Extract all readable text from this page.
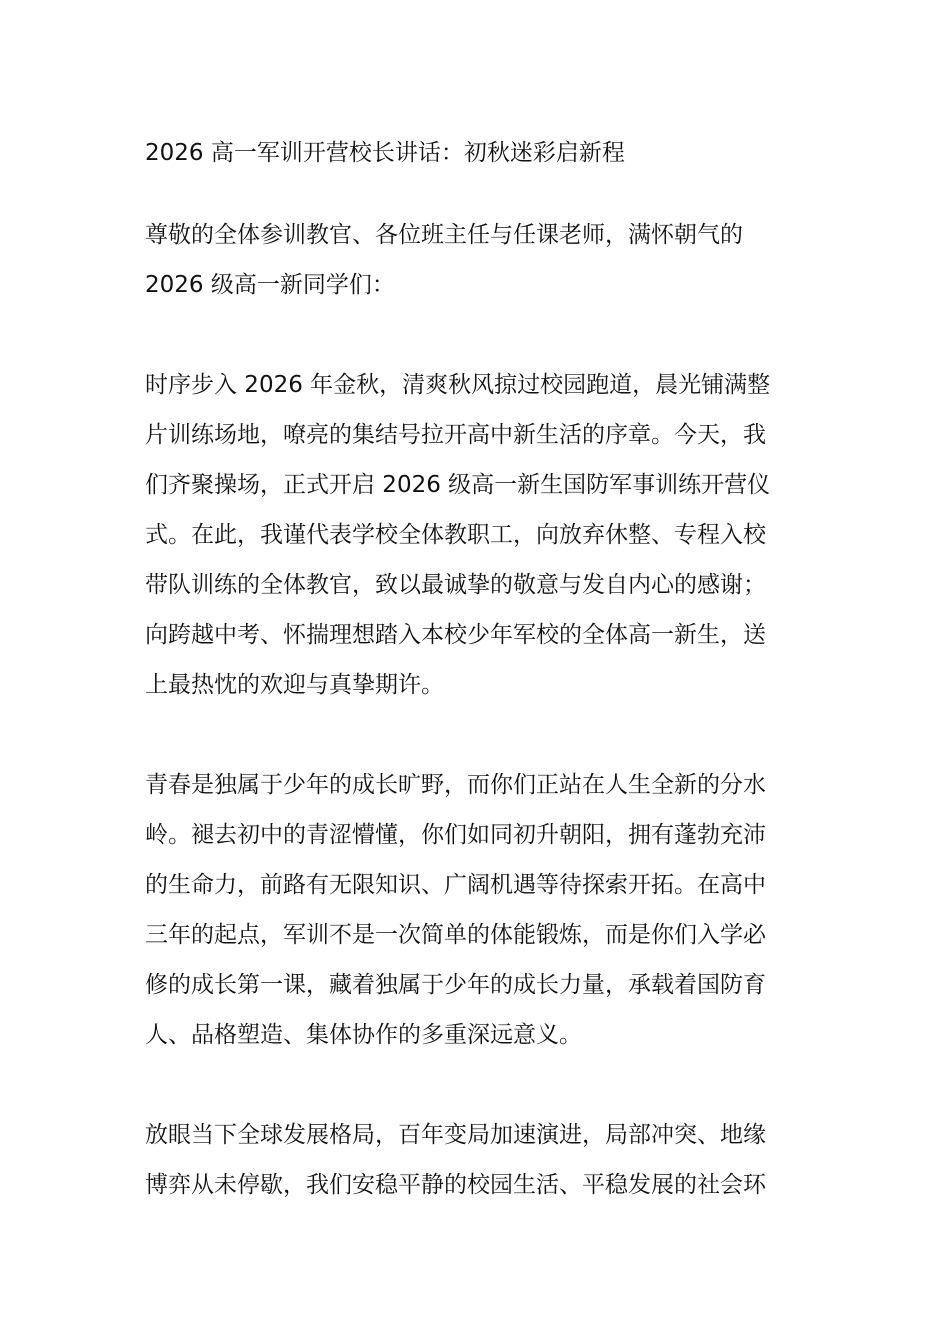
2026 高一军训开营校长讲话：初秋迷彩启新程

尊敬的全体参训教官、各位班主任与任课老师，满怀朝气的
2026 级高一新同学们：

时序步入 2026 年金秋，清爽秋风掠过校园跑道，晨光铺满整
片训练场地，嘹亮的集结号拉开高中新生活的序章。今天，我
们齐聚操场，正式开启 2026 级高一新生国防军事训练开营仪
式。在此，我谨代表学校全体教职工，向放弃休整、专程入校
带队训练的全体教官，致以最诚挚的敬意与发自内心的感谢；
向跨越中考、怀揣理想踏入本校少年军校的全体高一新生，送
上最热忱的欢迎与真挚期许。

青春是独属于少年的成长旷野，而你们正站在人生全新的分水
岭。褪去初中的青涩懵懂，你们如同初升朝阳，拥有蓬勃充沛
的生命力，前路有无限知识、广阔机遇等待探索开拓。在高中
三年的起点，军训不是一次简单的体能锻炼，而是你们入学必
修的成长第一课，藏着独属于少年的成长力量，承载着国防育
人、品格塑造、集体协作的多重深远意义。

放眼当下全球发展格局，百年变局加速演进，局部冲突、地缘
博弈从未停歇，我们安稳平静的校园生活、平稳发展的社会环
